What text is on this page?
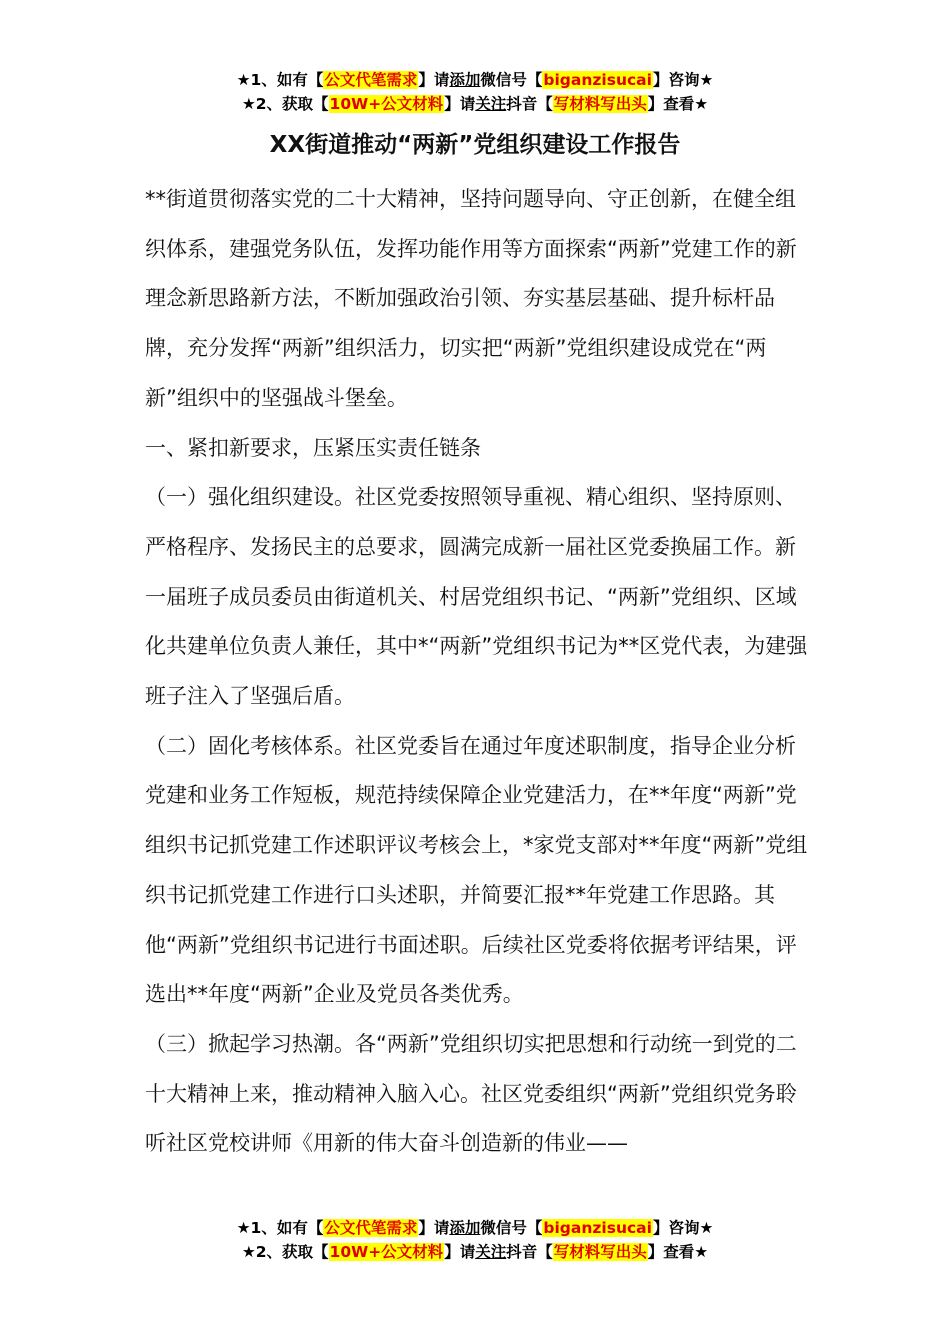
★1、如有【公文代笔需求】请添加微信号【biganzisucai】咨询★
★2、获取【10W+公文材料】请关注抖音【写材料写出头】查看★
XX街道推动“两新”党组织建设工作报告

**街道贯彻落实党的二十大精神，坚持问题导向、守正创新，在健全组织体系，建强党务队伍，发挥功能作用等方面探索“两新”党建工作的新理念新思路新方法，不断加强政治引领、夯实基层基础、提升标杆品牌，充分发挥“两新”组织活力，切实把“两新”党组织建设成党在“两新”组织中的坚强战斗堡垒。

一、紧扣新要求，压紧压实责任链条

（一）强化组织建设。社区党委按照领导重视、精心组织、坚持原则、严格程序、发扬民主的总要求，圆满完成新一届社区党委换届工作。新一届班子成员委员由街道机关、村居党组织书记、“两新”党组织、区域化共建单位负责人兼任，其中*“两新”党组织书记为**区党代表，为建强班子注入了坚强后盾。

（二）固化考核体系。社区党委旨在通过年度述职制度，指导企业分析党建和业务工作短板，规范持续保障企业党建活力，在**年度“两新”党组织书记抓党建工作述职评议考核会上，*家党支部对**年度“两新”党组织书记抓党建工作进行口头述职，并简要汇报**年党建工作思路。其他“两新”党组织书记进行书面述职。后续社区党委将依据考评结果，评选出**年度“两新”企业及党员各类优秀。

（三）掀起学习热潮。各“两新”党组织切实把思想和行动统一到党的二十大精神上来，推动精神入脑入心。社区党委组织“两新”党组织党务聆听社区党校讲师《用新的伟大奋斗创造新的伟业——

★1、如有【公文代笔需求】请添加微信号【biganzisucai】咨询★
★2、获取【10W+公文材料】请关注抖音【写材料写出头】查看★
